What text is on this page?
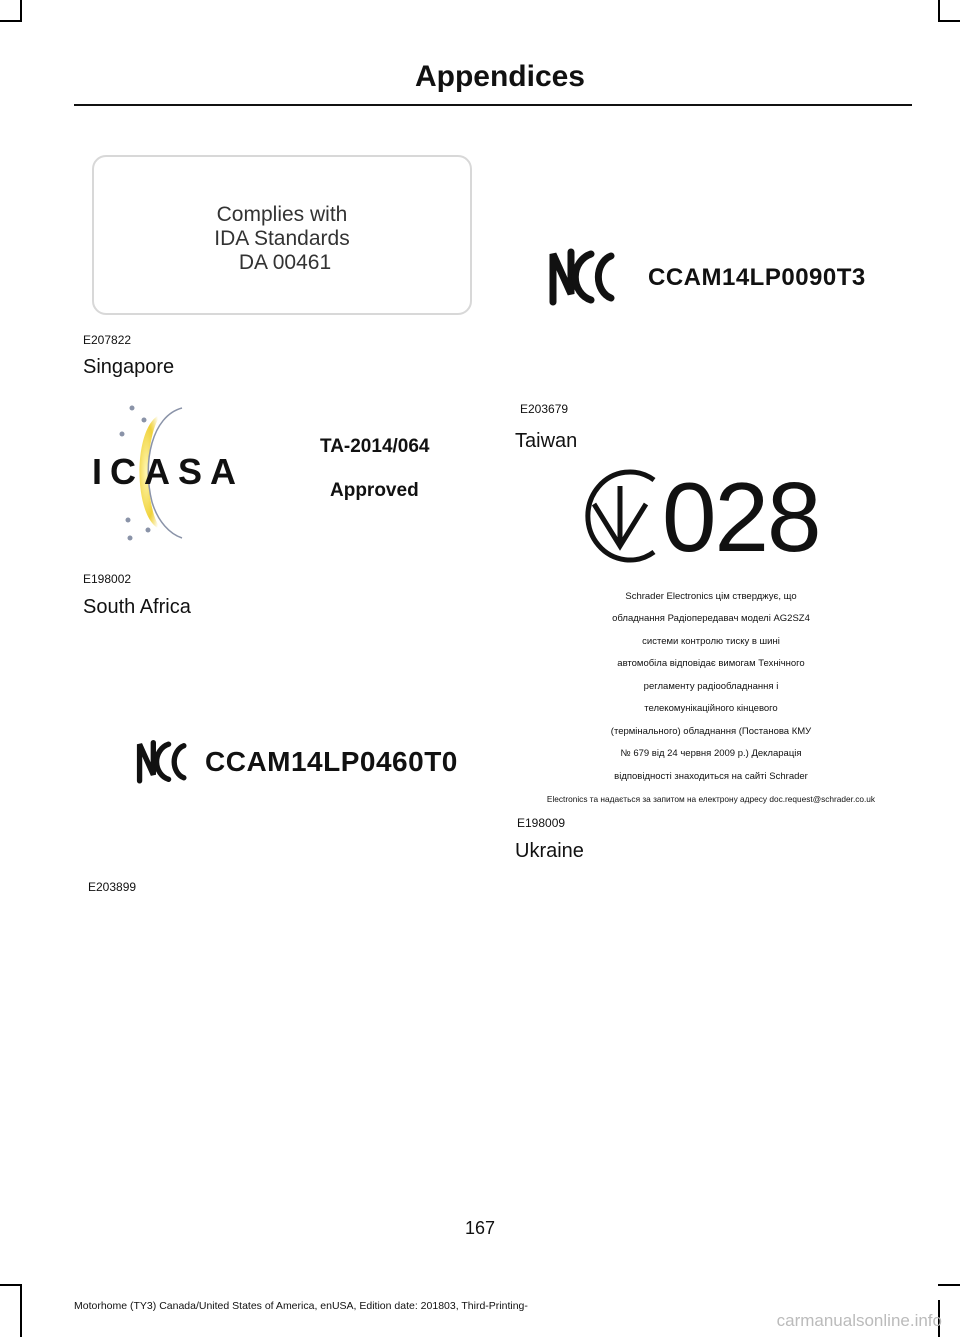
Appendices
Complies with
IDA Standards
DA 00461
E207822
Singapore
CCAM14LP0090T3
E203679
Taiwan
ICASA
TA-2014/064
Approved
E198002
South Africa
CCAM14LP0460T0
E203899
028
Schrader Electronics цім стверджує, що
обладнання Радіопередавач моделі AG2SZ4
системи контролю тиску в шині
автомобіла відповідає вимогам Технічного
регламенту радіообладнання і
телекомунікаційного кінцевого
(термінального) обладнання (Постанова КМУ
№ 679 від 24 червня 2009 р.) Декларація
відповідності знаходиться на сайті Schrader
Electronics та надається за запитом на електрону адресу doc.request@schrader.co.uk
E198009
Ukraine
167
Motorhome (TY3) Canada/United States of America, enUSA, Edition date: 201803, Third-Printing-
carmanualsonline.info
